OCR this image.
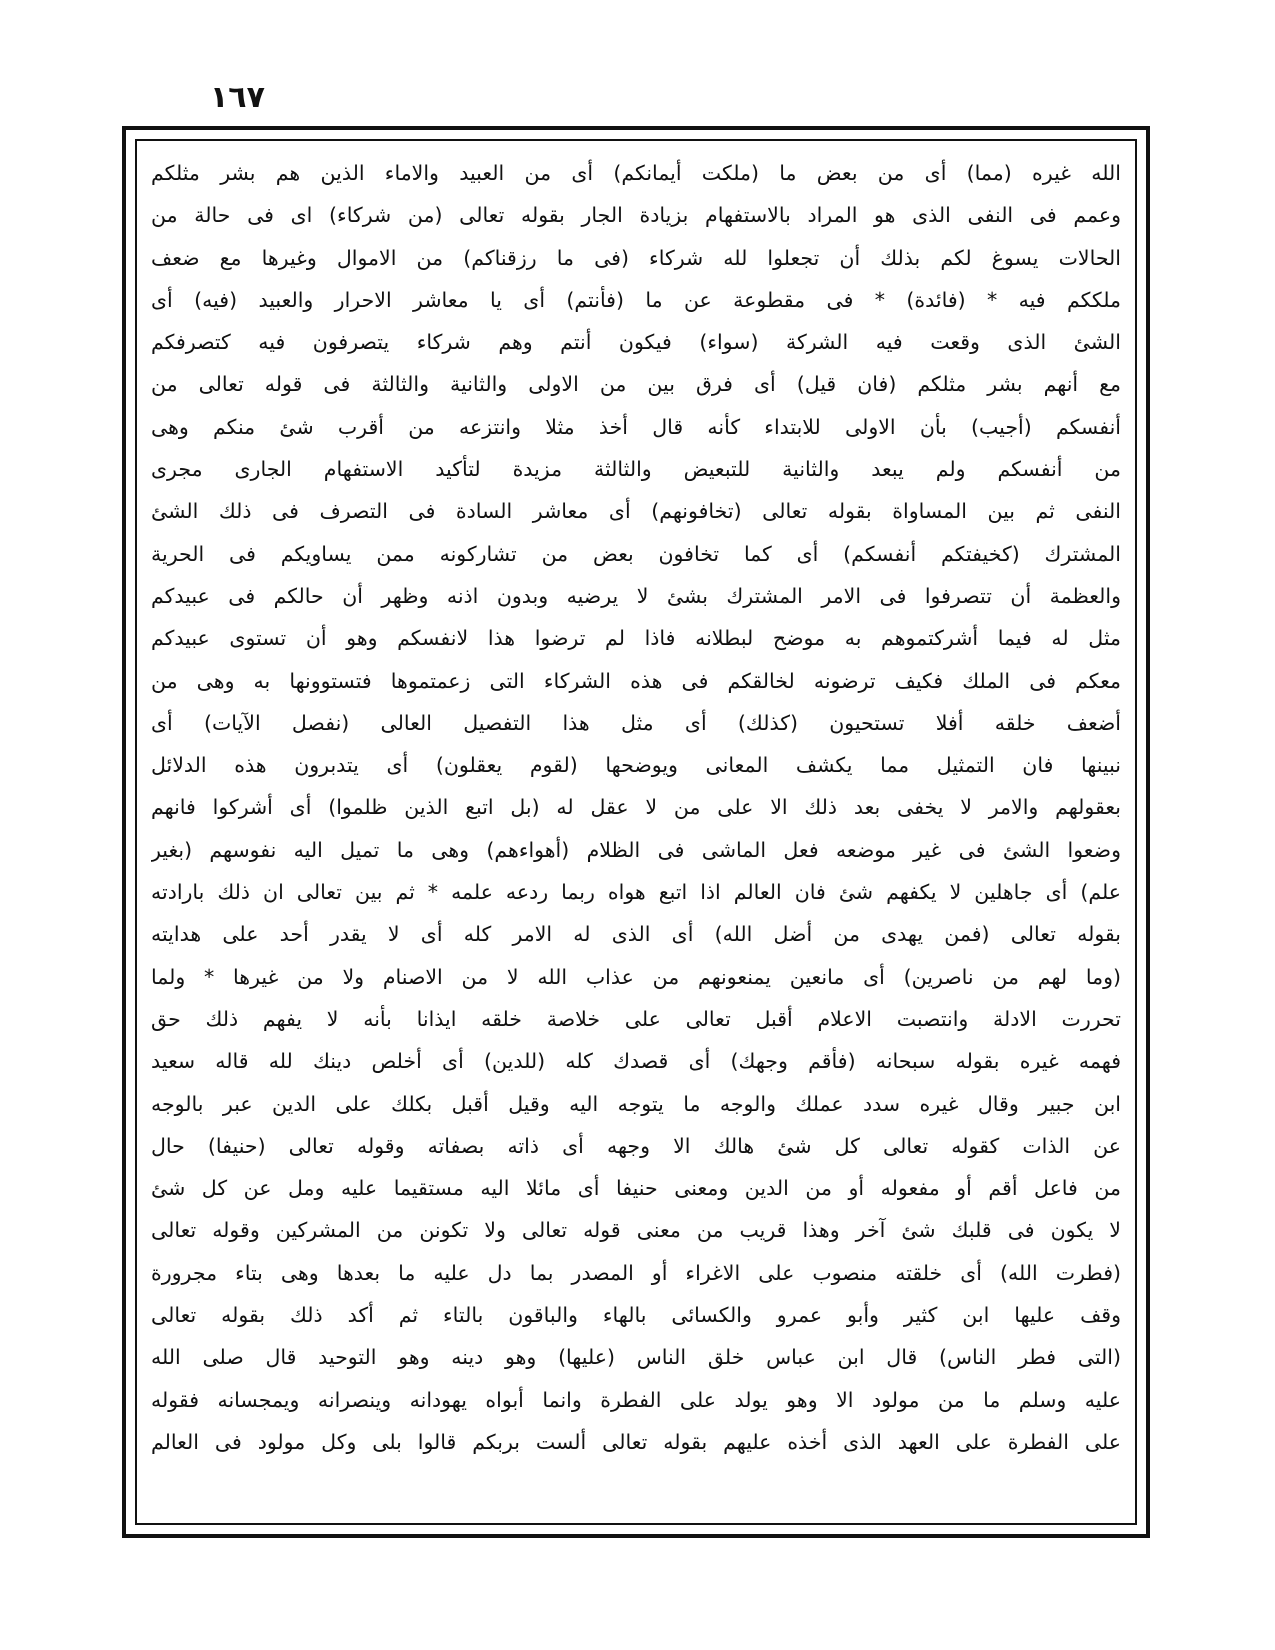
١٦٧
الله غيره (مما) أى من بعض ما (ملكت أيمانكم) أى من العبيد والاماء الذين هم بشر مثلكم
وعمم فى النفى الذى هو المراد بالاستفهام بزيادة الجار بقوله تعالى (من شركاء) اى فى حالة من
الحالات يسوغ لكم بذلك أن تجعلوا لله شركاء (فى ما رزقناكم) من الاموال وغيرها مع ضعف
ملككم فيه * (فائدة) * فى مقطوعة عن ما (فأنتم) أى يا معاشر الاحرار والعبيد (فيه) أى
الشئ الذى وقعت فيه الشركة (سواء) فيكون أنتم وهم شركاء يتصرفون فيه كتصرفكم
مع أنهم بشر مثلكم (فان قيل) أى فرق بين من الاولى والثانية والثالثة فى قوله تعالى من
أنفسكم (أجيب) بأن الاولى للابتداء كأنه قال أخذ مثلا وانتزعه من أقرب شئ منكم وهى
من أنفسكم ولم يبعد والثانية للتبعيض والثالثة مزيدة لتأكيد الاستفهام الجارى مجرى
النفى ثم بين المساواة بقوله تعالى (تخافونهم) أى معاشر السادة فى التصرف فى ذلك الشئ
المشترك (كخيفتكم أنفسكم) أى كما تخافون بعض من تشاركونه ممن يساويكم فى الحرية
والعظمة أن تتصرفوا فى الامر المشترك بشئ لا يرضيه وبدون اذنه وظهر أن حالكم فى عبيدكم
مثل له فيما أشركتموهم به موضح لبطلانه فاذا لم ترضوا هذا لانفسكم وهو أن تستوى عبيدكم
معكم فى الملك فكيف ترضونه لخالقكم فى هذه الشركاء التى زعمتموها فتستوونها به وهى من
أضعف خلقه أفلا تستحيون (كذلك) أى مثل هذا التفصيل العالى (نفصل الآيات) أى
نبينها فان التمثيل مما يكشف المعانى ويوضحها (لقوم يعقلون) أى يتدبرون هذه الدلائل
بعقولهم والامر لا يخفى بعد ذلك الا على من لا عقل له (بل اتبع الذين ظلموا) أى أشركوا فانهم
وضعوا الشئ فى غير موضعه فعل الماشى فى الظلام (أهواءهم) وهى ما تميل اليه نفوسهم (بغير
علم) أى جاهلين لا يكفهم شئ فان العالم اذا اتبع هواه ربما ردعه علمه * ثم بين تعالى ان ذلك بارادته
بقوله تعالى (فمن يهدى من أضل الله) أى الذى له الامر كله أى لا يقدر أحد على هدايته
(وما لهم من ناصرين) أى مانعين يمنعونهم من عذاب الله لا من الاصنام ولا من غيرها * ولما
تحررت الادلة وانتصبت الاعلام أقبل تعالى على خلاصة خلقه ايذانا بأنه لا يفهم ذلك حق
فهمه غيره بقوله سبحانه (فأقم وجهك) أى قصدك كله (للدين) أى أخلص دينك لله قاله سعيد
ابن جبير وقال غيره سدد عملك والوجه ما يتوجه اليه وقيل أقبل بكلك على الدين عبر بالوجه
عن الذات كقوله تعالى كل شئ هالك الا وجهه أى ذاته بصفاته وقوله تعالى (حنيفا) حال
من فاعل أقم أو مفعوله أو من الدين ومعنى حنيفا أى مائلا اليه مستقيما عليه ومل عن كل شئ
لا يكون فى قلبك شئ آخر وهذا قريب من معنى قوله تعالى ولا تكونن من المشركين وقوله تعالى
(فطرت الله) أى خلقته منصوب على الاغراء أو المصدر بما دل عليه ما بعدها وهى بتاء مجرورة
وقف عليها ابن كثير وأبو عمرو والكسائى بالهاء والباقون بالتاء ثم أكد ذلك بقوله تعالى
(التى فطر الناس) قال ابن عباس خلق الناس (عليها) وهو دينه وهو التوحيد قال صلى الله
عليه وسلم ما من مولود الا وهو يولد على الفطرة وانما أبواه يهودانه وينصرانه ويمجسانه فقوله
على الفطرة على العهد الذى أخذه عليهم بقوله تعالى ألست بربكم قالوا بلى وكل مولود فى العالم
